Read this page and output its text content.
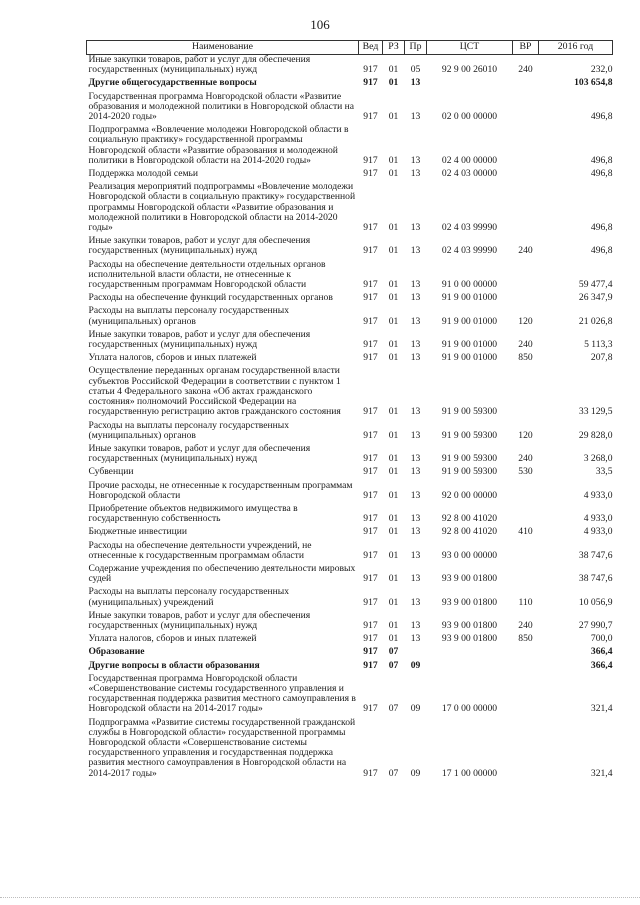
106
Наименование	Вед	РЗ	Пр	ЦСТ	ВР	2016 год
Иные закупки товаров, работ и услуг для обеспечения государственных (муниципальных) нужд	917	01	05	92 9 00 26010	240	232,0
Другие общегосударственные вопросы	917	01	13			103 654,8
Государственная программа Новгородской области «Развитие образования и молодежной политики в Новгородской области на 2014-2020 годы»	917	01	13	02 0 00 00000		496,8
Подпрограмма «Вовлечение молодежи Новгородской области в социальную практику» государственной программы Новгородской области «Развитие образования и молодежной политики в Новгородской области на 2014-2020 годы»	917	01	13	02 4 00 00000		496,8
Поддержка молодой семьи	917	01	13	02 4 03 00000		496,8
Реализация мероприятий подпрограммы «Вовлечение молодежи Новгородской области в социальную практику» государственной программы Новгородской области «Развитие образования и молодежной политики в Новгородской области на 2014-2020 годы»	917	01	13	02 4 03 99990		496,8
Иные закупки товаров, работ и услуг для обеспечения государственных (муниципальных) нужд	917	01	13	02 4 03 99990	240	496,8
Расходы на обеспечение деятельности отдельных органов исполнительной власти области, не отнесенные к государственным программам Новгородской области	917	01	13	91 0 00 00000		59 477,4
Расходы на обеспечение функций государственных органов	917	01	13	91 9 00 01000		26 347,9
Расходы на выплаты персоналу государственных (муниципальных) органов	917	01	13	91 9 00 01000	120	21 026,8
Иные закупки товаров, работ и услуг для обеспечения государственных (муниципальных) нужд	917	01	13	91 9 00 01000	240	5 113,3
Уплата налогов, сборов и иных платежей	917	01	13	91 9 00 01000	850	207,8
Осуществление переданных органам государственной власти субъектов Российской Федерации в соответствии с пунктом 1 статьи 4 Федерального закона «Об актах гражданского состояния» полномочий Российской Федерации на государственную регистрацию актов гражданского состояния	917	01	13	91 9 00 59300		33 129,5
Расходы на выплаты персоналу государственных (муниципальных) органов	917	01	13	91 9 00 59300	120	29 828,0
Иные закупки товаров, работ и услуг для обеспечения государственных (муниципальных) нужд	917	01	13	91 9 00 59300	240	3 268,0
Субвенции	917	01	13	91 9 00 59300	530	33,5
Прочие расходы, не отнесенные к государственным программам Новгородской области	917	01	13	92 0 00 00000		4 933,0
Приобретение объектов недвижимого имущества в государственную собственность	917	01	13	92 8 00 41020		4 933,0
Бюджетные инвестиции	917	01	13	92 8 00 41020	410	4 933,0
Расходы на обеспечение деятельности учреждений, не отнесенные к государственным программам области	917	01	13	93 0 00 00000		38 747,6
Содержание учреждения по обеспечению деятельности мировых судей	917	01	13	93 9 00 01800		38 747,6
Расходы на выплаты персоналу государственных (муниципальных) учреждений	917	01	13	93 9 00 01800	110	10 056,9
Иные закупки товаров, работ и услуг для обеспечения государственных (муниципальных) нужд	917	01	13	93 9 00 01800	240	27 990,7
Уплата налогов, сборов и иных платежей	917	01	13	93 9 00 01800	850	700,0
Образование	917	07				366,4
Другие вопросы в области образования	917	07	09			366,4
Государственная программа Новгородской области «Совершенствование системы государственного управления и государственная поддержка развития местного самоуправления в Новгородской области на 2014-2017 годы»	917	07	09	17 0 00 00000		321,4
Подпрограмма «Развитие системы государственной гражданской службы в Новгородской области» государственной программы Новгородской области «Совершенствование системы государственного управления и государственная поддержка развития местного самоуправления в Новгородской области на 2014-2017 годы»	917	07	09	17 1 00 00000		321,4
